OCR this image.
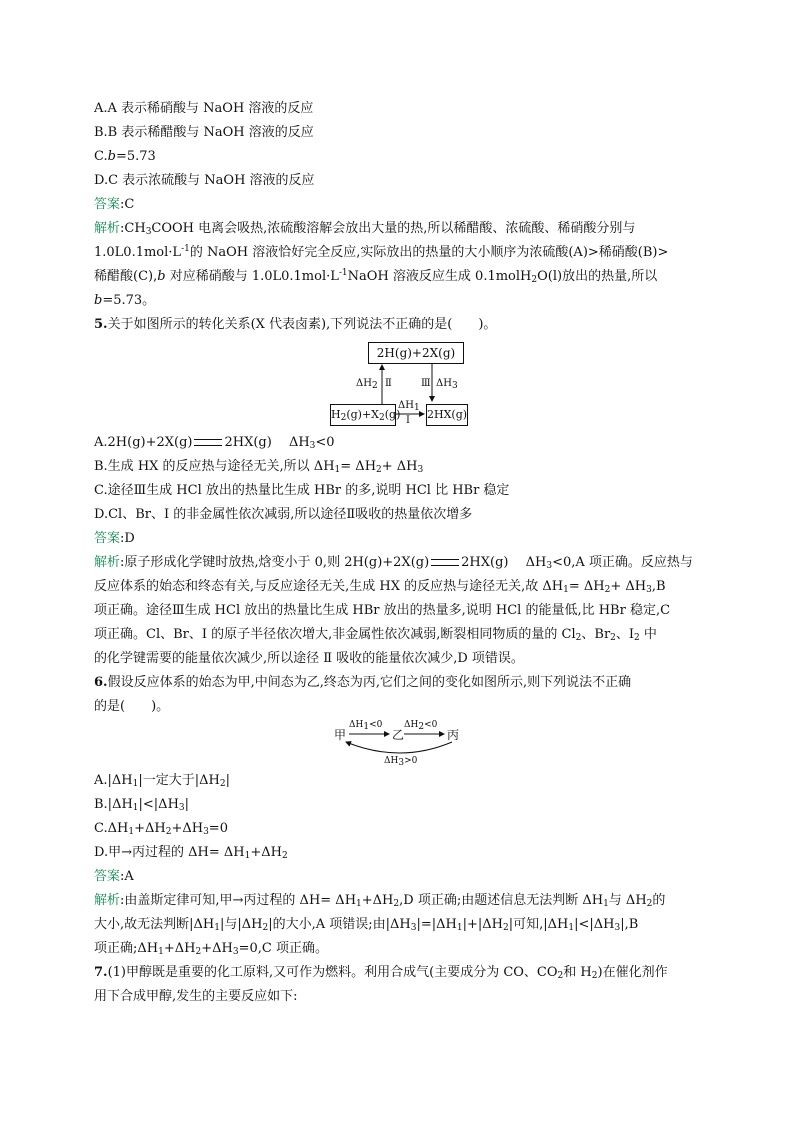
A.A 表示稀硝酸与 NaOH 溶液的反应
B.B 表示稀醋酸与 NaOH 溶液的反应
C.b=5.73
D.C 表示浓硫酸与 NaOH 溶液的反应
答案:C
解析$:CH_3COOH$ 电离会吸热,浓硫酸溶解会放出大量的热,所以稀醋酸、浓硫酸、稀硝酸分别与
$1.0L0.1mol\cdot L^{-1}$的 NaOH 溶液恰好完全反应,实际放出的热量的大小顺序为浓硫酸(A)>稀硝酸(B)>
稀醋酸(C),b 对应稀硝酸与 $1.0L0.1mol\cdot L^{-1}NaOH$ 溶液反应生成 0.1molH$_2$O(l)放出的热量,所以
b=5.73。
5.关于如图所示的转化关系(X 代表卤素),下列说法不正确的是(　　)。
2H(g)+2X(g)
$H_2(g)+X_2(g)$ 2HX(g)
$\Delta H_2$ Ⅱ	Ⅲ $\Delta H_3$
$\Delta H_1$
Ⅰ
A.2H(g)+2X(g) 2HX(g)　 $\Delta H_3<0$
B.生成 HX 的反应热与途径无关,所以 $\Delta H_1= \Delta H_2+ \Delta H_3$
C.途径Ⅲ生成 HCl 放出的热量比生成 HBr 的多,说明 HCl 比 HBr 稳定
D.Cl、Br、I 的非金属性依次减弱,所以途径Ⅱ吸收的热量依次增多
答案:D
解析:原子形成化学键时放热,焓变小于 0,则 2H(g)+2X(g) 2HX(g)　 $\Delta H_3<0,A$ 项正确。反应热与
反应体系的始态和终态有关,与反应途径无关,生成 HX 的反应热与途径无关,故 $\Delta H_1= \Delta H_2+ \Delta H_3,B$
项正确。途径Ⅲ生成 HCl 放出的热量比生成 HBr 放出的热量多,说明 HCl 的能量低,比 HBr 稳定,C
项正确。Cl、Br、I 的原子半径依次增大,非金属性依次减弱,断裂相同物质的量的 $Cl_2$、$Br_2$、$I_2$ 中
的化学键需要的能量依次减少,所以途径 Ⅱ 吸收的能量依次减少,D 项错误。
6.假设反应体系的始态为甲,中间态为乙,终态为丙,它们之间的变化如图所示,则下列说法不正确
的是(　　)。
甲	乙	丙
$\Delta H_1<0$ $\Delta H_2<0$
$\Delta H_3>0$
$A.|\Delta H_1|$一定大于$|\Delta H_2|$
$B.|\Delta H_1|<|\Delta H_3|$
$C.\Delta H_1+\Delta H_2+\Delta H_3=0$
D.甲→丙过程的 $\Delta H= \Delta H_1+\Delta H_2$
答案:A
解析:由盖斯定律可知,甲→丙过程的 $\Delta H= \Delta H_1+\Delta H_2,D$ 项正确;由题述信息无法判断 $\Delta H_1$与 $\Delta H_2$的
大小,故无法判断$|\Delta H_1|$与$|\Delta H_2|$的大小,A 项错误;由$|\Delta H_3|=|\Delta H_1|+|\Delta H_2|$可知$,|\Delta H_1|<|\Delta H_3|,B$
项正确$;\Delta H_1+\Delta H_2+\Delta H_3=0,C$ 项正确。
7.(1)甲醇既是重要的化工原料,又可作为燃料。利用合成气(主要成分为 CO、$CO_2$和 $H_2$)在催化剂作
用下合成甲醇,发生的主要反应如下:
